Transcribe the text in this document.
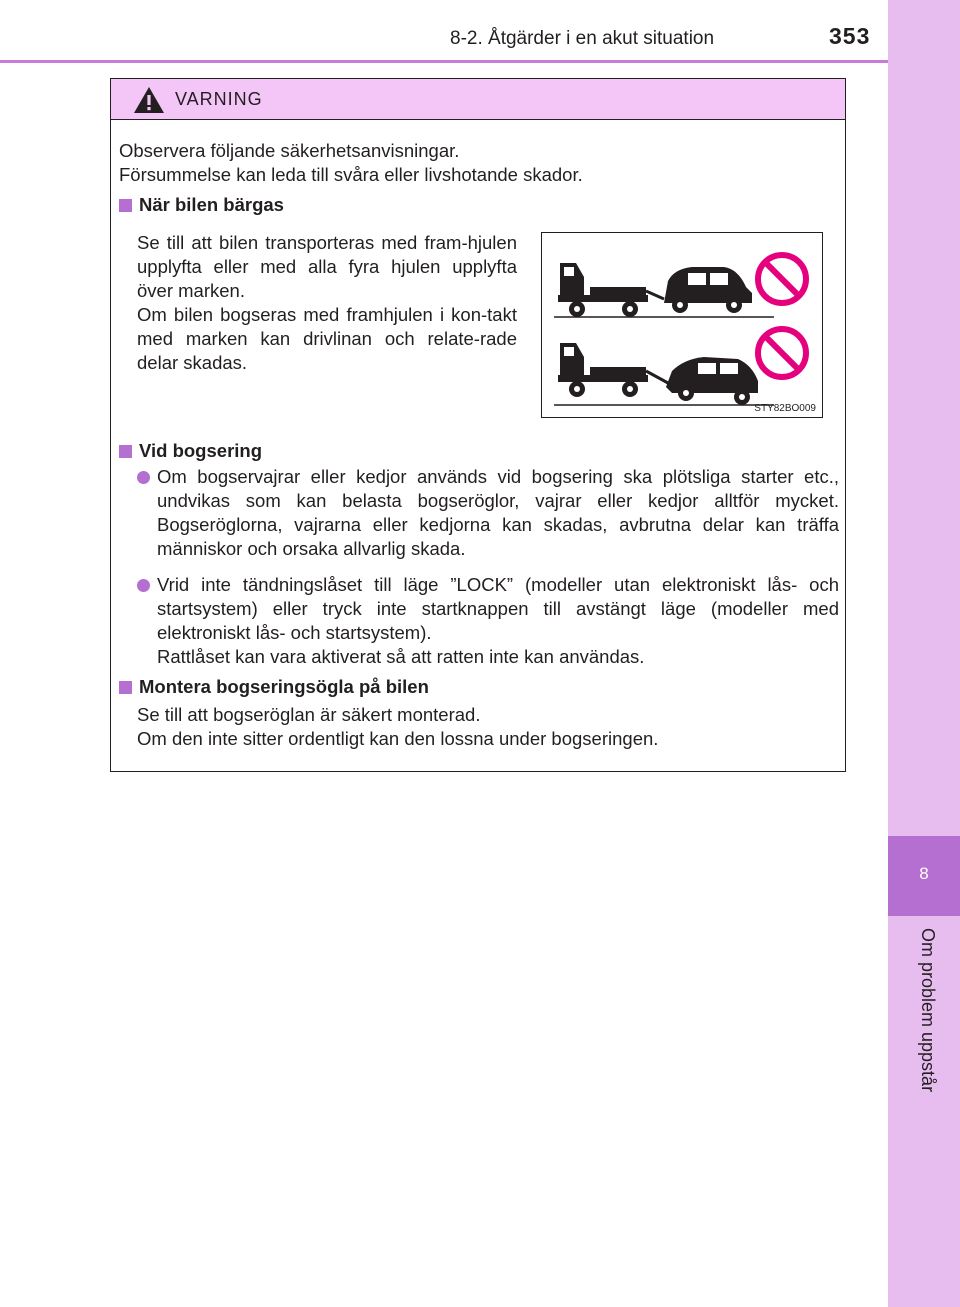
8-2. Åtgärder i en akut situation	353
8
Om problem uppstår
VARNING
Observera följande säkerhetsanvisningar.
Försummelse kan leda till svåra eller livshotande skador.
När bilen bärgas
Se till att bilen transporteras med fram-hjulen upplyfta eller med alla fyra hjulen upplyfta över marken.
Om bilen bogseras med framhjulen i kon-takt med marken kan drivlinan och relate-rade delar skadas.
STY82BO009
Vid bogsering
Om bogservajrar eller kedjor används vid bogsering ska plötsliga starter etc., undvikas som kan belasta bogseröglor, vajrar eller kedjor alltför mycket. Bogseröglorna, vajrarna eller kedjorna kan skadas, avbrutna delar kan träffa människor och orsaka allvarlig skada.
Vrid inte tändningslåset till läge ”LOCK” (modeller utan elektroniskt lås- och startsystem) eller tryck inte startknappen till avstängt läge (modeller med elektroniskt lås- och startsystem).
Rattlåset kan vara aktiverat så att ratten inte kan användas.
Montera bogseringsögla på bilen
Se till att bogseröglan är säkert monterad.
Om den inte sitter ordentligt kan den lossna under bogseringen.
